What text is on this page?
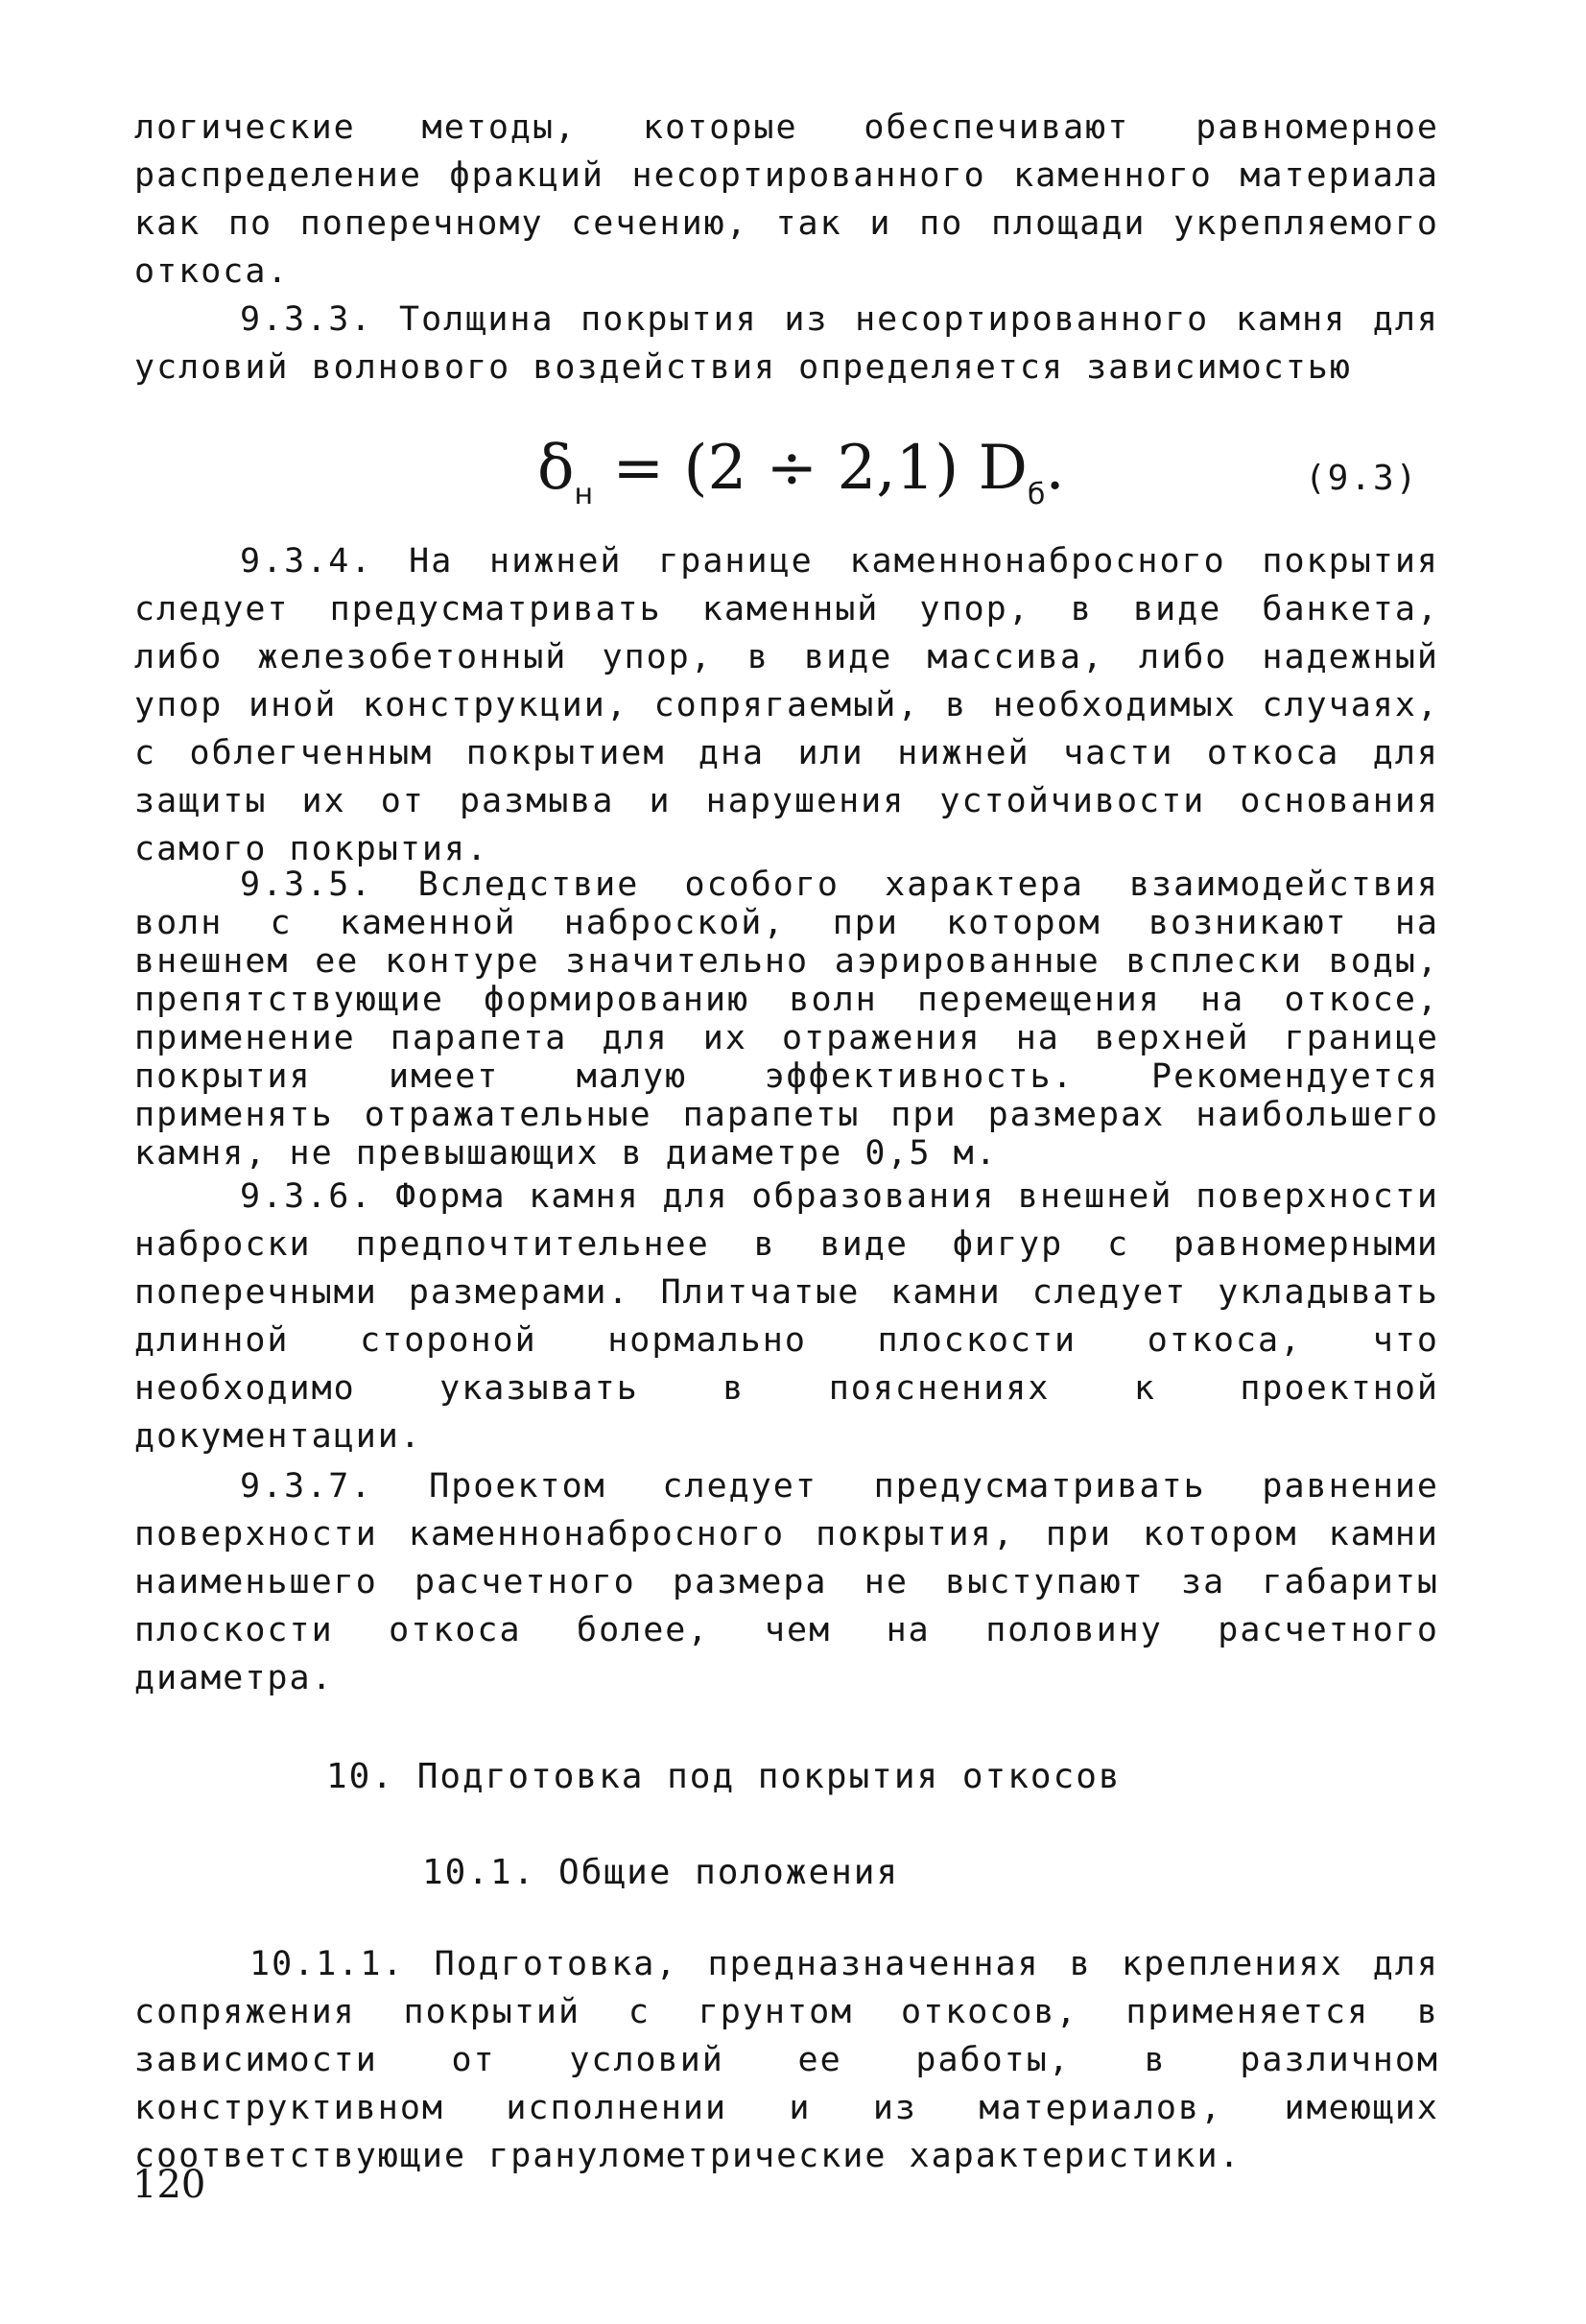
логические методы, которые обеспечивают равномерное распределение фракций несортированного каменного материала как по поперечному сечению, так и по площади укрепляемого откоса.

9.3.3. Толщина покрытия из несортированного камня для условий волнового воздействия определяется зависимостью

$\delta_н = (2 \div 2,1)$ $D_б$.	(9.3)

9.3.4. На нижней границе каменнонабросного покрытия следует предусматривать каменный упор, в виде банкета, либо железобетонный упор, в виде массива, либо надежный упор иной конструкции, сопрягаемый, в необходимых случаях, с облегченным покрытием дна или нижней части откоса для защиты их от размыва и нарушения устойчивости основания самого покрытия.

9.3.5. Вследствие особого характера взаимодействия волн с каменной наброской, при котором возникают на внешнем ее контуре значительно аэрированные всплески воды, препятствующие формированию волн перемещения на откосе, применение парапета для их отражения на верхней границе покрытия имеет малую эффективность. Рекомендуется применять отражательные парапеты при размерах наибольшего камня, не превышающих в диаметре 0,5 м.

9.3.6. Форма камня для образования внешней поверхности наброски предпочтительнее в виде фигур с равномерными поперечными размерами. Плитчатые камни следует укладывать длинной стороной нормально плоскости откоса, что необходимо указывать в пояснениях к проектной документации.

9.3.7. Проектом следует предусматривать равнение поверхности каменнонабросного покрытия, при котором камни наименьшего расчетного размера не выступают за габариты плоскости откоса более, чем на половину расчетного диаметра.

10. Подготовка под покрытия откосов
10.1. Общие положения

10.1.1. Подготовка, предназначенная в креплениях для сопряжения покрытий с грунтом откосов, применяется в зависимости от условий ее работы, в различном конструктивном исполнении и из материалов, имеющих соответствующие гранулометрические характеристики.

120
